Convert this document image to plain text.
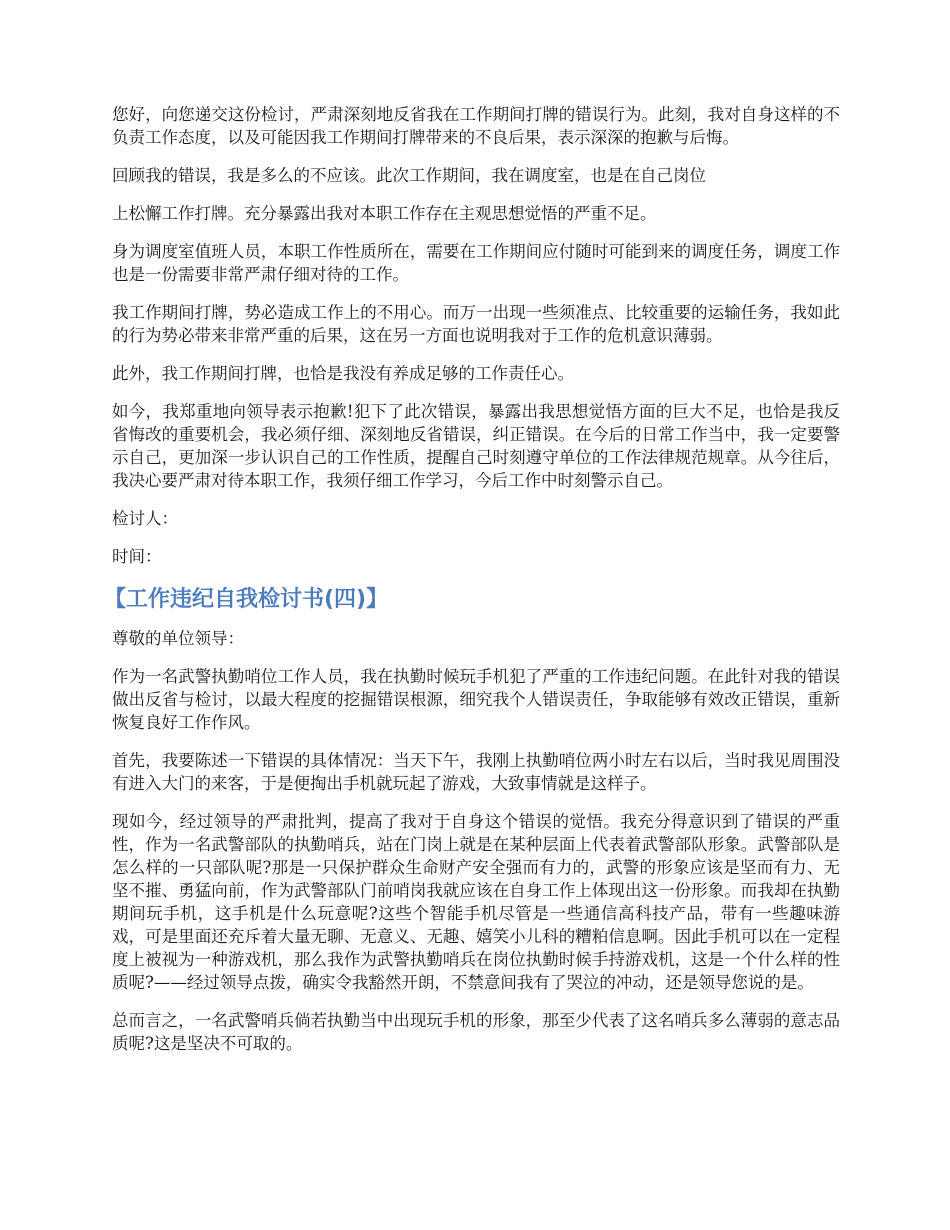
您好，向您递交这份检讨，严肃深刻地反省我在工作期间打牌的错误行为。此刻，我对自身这样的不负责工作态度，以及可能因我工作期间打牌带来的不良后果，表示深深的抱歉与后悔。

回顾我的错误，我是多么的不应该。此次工作期间，我在调度室，也是在自己岗位

上松懈工作打牌。充分暴露出我对本职工作存在主观思想觉悟的严重不足。

身为调度室值班人员，本职工作性质所在，需要在工作期间应付随时可能到来的调度任务，调度工作也是一份需要非常严肃仔细对待的工作。

我工作期间打牌，势必造成工作上的不用心。而万一出现一些须准点、比较重要的运输任务，我如此的行为势必带来非常严重的后果，这在另一方面也说明我对于工作的危机意识薄弱。

此外，我工作期间打牌，也恰是我没有养成足够的工作责任心。

如今，我郑重地向领导表示抱歉!犯下了此次错误，暴露出我思想觉悟方面的巨大不足，也恰是我反省悔改的重要机会，我必须仔细、深刻地反省错误，纠正错误。在今后的日常工作当中，我一定要警示自己，更加深一步认识自己的工作性质，提醒自己时刻遵守单位的工作法律规范规章。从今往后，我决心要严肃对待本职工作，我须仔细工作学习，今后工作中时刻警示自己。

检讨人：

时间：

【工作违纪自我检讨书(四)】

尊敬的单位领导：

作为一名武警执勤哨位工作人员，我在执勤时候玩手机犯了严重的工作违纪问题。在此针对我的错误做出反省与检讨，以最大程度的挖掘错误根源，细究我个人错误责任，争取能够有效改正错误，重新恢复良好工作作风。

首先，我要陈述一下错误的具体情况：当天下午，我刚上执勤哨位两小时左右以后，当时我见周围没有进入大门的来客，于是便掏出手机就玩起了游戏，大致事情就是这样子。

现如今，经过领导的严肃批判，提高了我对于自身这个错误的觉悟。我充分得意识到了错误的严重性，作为一名武警部队的执勤哨兵，站在门岗上就是在某种层面上代表着武警部队形象。武警部队是怎么样的一只部队呢?那是一只保护群众生命财产安全强而有力的，武警的形象应该是坚而有力、无坚不摧、勇猛向前，作为武警部队门前哨岗我就应该在自身工作上体现出这一份形象。而我却在执勤期间玩手机，这手机是什么玩意呢?这些个智能手机尽管是一些通信高科技产品，带有一些趣味游戏，可是里面还充斥着大量无聊、无意义、无趣、嬉笑小儿科的糟粕信息啊。因此手机可以在一定程度上被视为一种游戏机，那么我作为武警执勤哨兵在岗位执勤时候手持游戏机，这是一个什么样的性质呢?——经过领导点拨，确实令我豁然开朗，不禁意间我有了哭泣的冲动，还是领导您说的是。

总而言之，一名武警哨兵倘若执勤当中出现玩手机的形象，那至少代表了这名哨兵多么薄弱的意志品质呢?这是坚决不可取的。
